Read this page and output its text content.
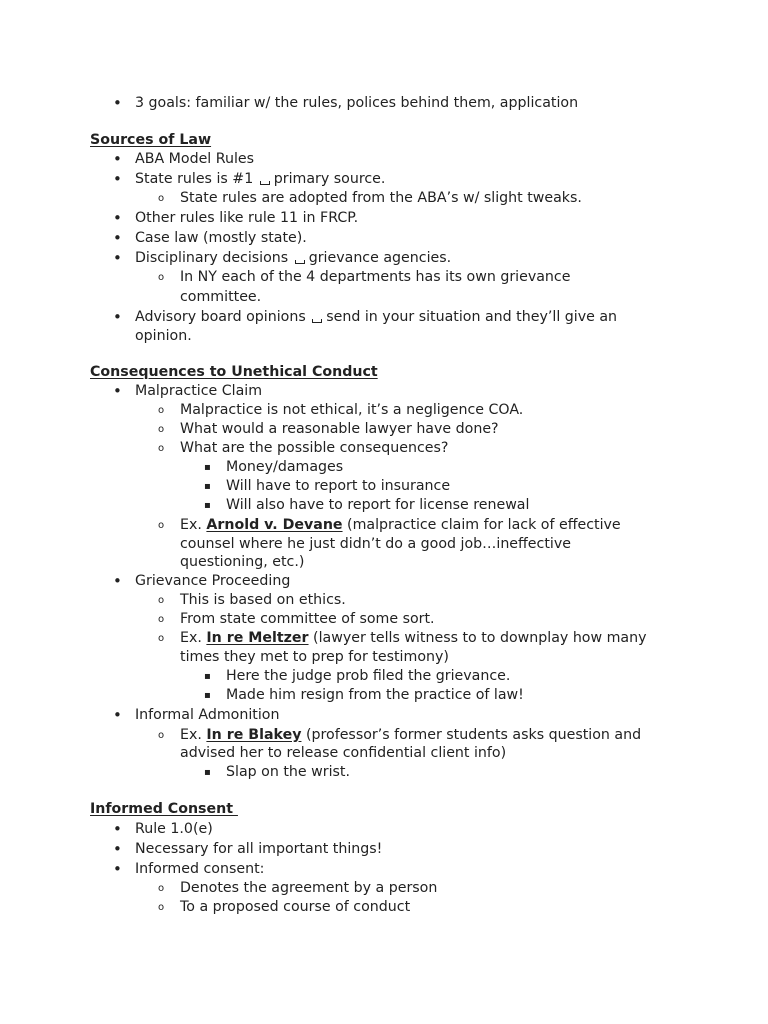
• 3 goals: familiar w/ the rules, polices behind them, application
Sources of Law
• ABA Model Rules
• State rules is #1 primary source.
o State rules are adopted from the ABA’s w/ slight tweaks.
• Other rules like rule 11 in FRCP.
• Case law (mostly state).
• Disciplinary decisions grievance agencies.
o In NY each of the 4 departments has its own grievance
committee.
• Advisory board opinions send in your situation and they’ll give an
opinion.
Consequences to Unethical Conduct
• Malpractice Claim
o Malpractice is not ethical, it’s a negligence COA.
o What would a reasonable lawyer have done?
o What are the possible consequences?
▪ Money/damages
▪ Will have to report to insurance
▪ Will also have to report for license renewal
o Ex. Arnold v. Devane (malpractice claim for lack of effective
counsel where he just didn’t do a good job…ineffective
questioning, etc.)
• Grievance Proceeding
o This is based on ethics.
o From state committee of some sort.
o Ex. In re Meltzer (lawyer tells witness to to downplay how many
times they met to prep for testimony)
▪ Here the judge prob filed the grievance.
▪ Made him resign from the practice of law!
• Informal Admonition
o Ex. In re Blakey (professor’s former students asks question and
advised her to release confidential client info)
▪ Slap on the wrist.
Informed Consent
• Rule 1.0(e)
• Necessary for all important things!
• Informed consent:
o Denotes the agreement by a person
o To a proposed course of conduct
